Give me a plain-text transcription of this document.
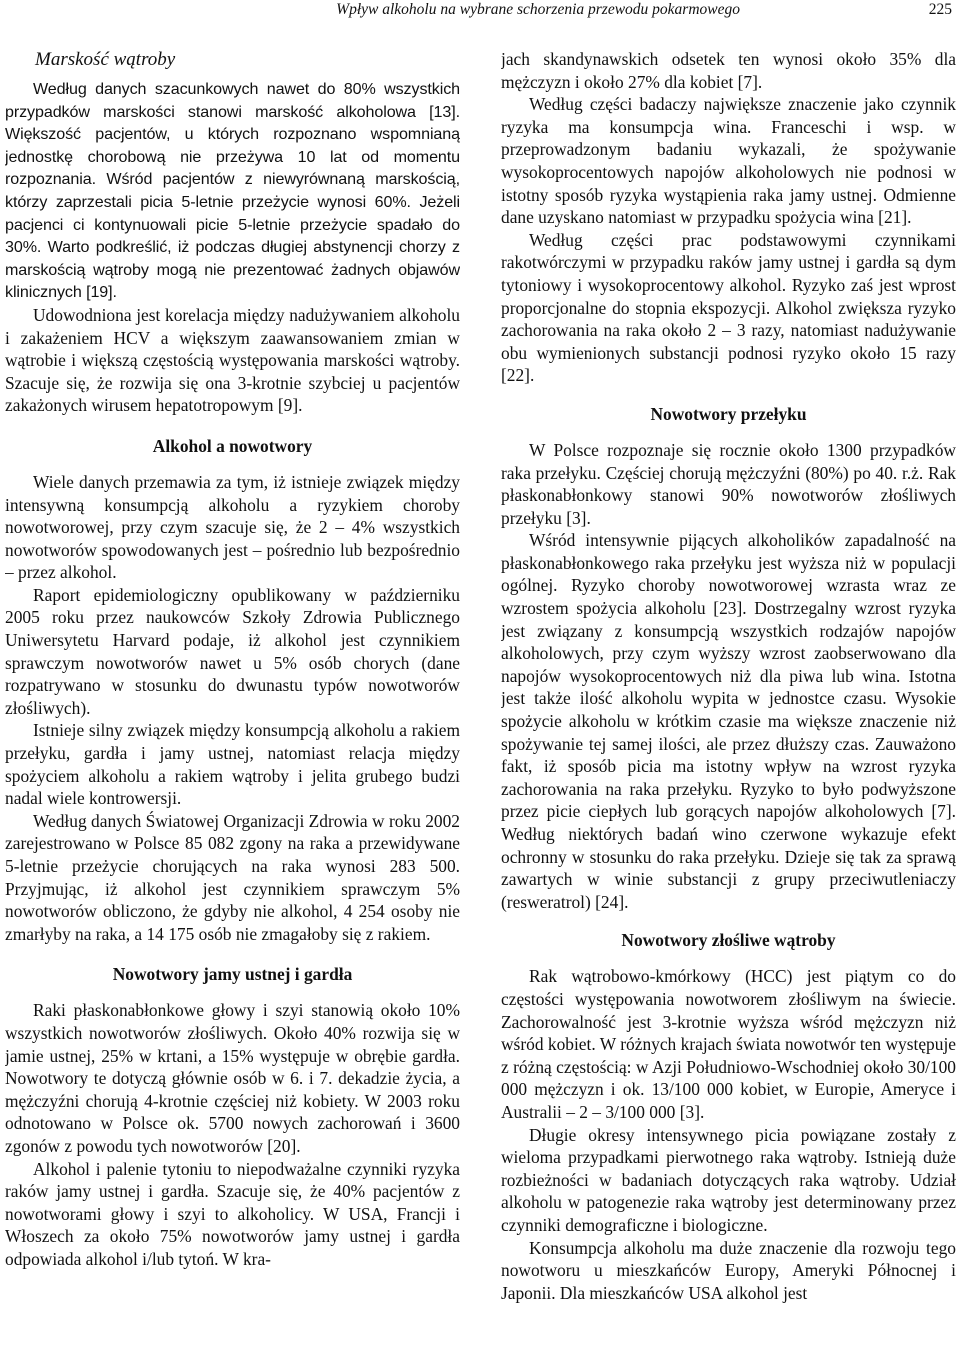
Wpływ alkoholu na wybrane schorzenia przewodu pokarmowego	225
Marskość wątroby

Według danych szacunkowych nawet do 80% wszystkich przypadków marskości stanowi marskość alkoholowa [13]. Większość pacjentów, u których rozpoznano wspomnianą jednostkę chorobową nie przeżywa 10 lat od momentu rozpoznania. Wśród pacjentów z niewyrównaną marskością, którzy zaprzestali picia 5-letnie przeżycie wynosi 60%. Jeżeli pacjenci ci kontynuowali picie 5-letnie przeżycie spadało do 30%. Warto podkreślić, iż podczas długiej abstynencji chorzy z marskością wątroby mogą nie prezentować żadnych objawów klinicznych [19].

Udowodniona jest korelacja między nadużywaniem alkoholu i zakażeniem HCV a większym zaawansowaniem zmian w wątrobie i większą częstością występowania marskości wątroby. Szacuje się, że rozwija się ona 3-krotnie szybciej u pacjentów zakażonych wirusem hepatotropowym [9].

Alkohol a nowotwory

Wiele danych przemawia za tym, iż istnieje związek między intensywną konsumpcją alkoholu a ryzykiem choroby nowotworowej, przy czym szacuje się, że 2 – 4% wszystkich nowotworów spowodowanych jest – pośrednio lub bezpośrednio – przez alkohol.

Raport epidemiologiczny opublikowany w październiku 2005 roku przez naukowców Szkoły Zdrowia Publicznego Uniwersytetu Harvard podaje, iż alkohol jest czynnikiem sprawczym nowotworów nawet u 5% osób chorych (dane rozpatrywano w stosunku do dwunastu typów nowotworów złośliwych).

Istnieje silny związek między konsumpcją alkoholu a rakiem przełyku, gardła i jamy ustnej, natomiast relacja między spożyciem alkoholu a rakiem wątroby i jelita grubego budzi nadal wiele kontrowersji.

Według danych Światowej Organizacji Zdrowia w roku 2002 zarejestrowano w Polsce 85 082 zgony na raka a przewidywane 5-letnie przeżycie chorujących na raka wynosi 283 500. Przyjmując, iż alkohol jest czynnikiem sprawczym 5% nowotworów obliczono, że gdyby nie alkohol, 4 254 osoby nie zmarłyby na raka, a 14 175 osób nie zmagałoby się z rakiem.

Nowotwory jamy ustnej i gardła

Raki płaskonabłonkowe głowy i szyi stanowią około 10% wszystkich nowotworów złośliwych. Około 40% rozwija się w jamie ustnej, 25% w krtani, a 15% występuje w obrębie gardła. Nowotwory te dotyczą głównie osób w 6. i 7. dekadzie życia, a mężczyźni chorują 4-krotnie częściej niż kobiety. W 2003 roku odnotowano w Polsce ok. 5700 nowych zachorowań i 3600 zgonów z powodu tych nowotworów [20].

Alkohol i palenie tytoniu to niepodważalne czynniki ryzyka raków jamy ustnej i gardła. Szacuje się, że 40% pacjentów z nowotworami głowy i szyi to alkoholicy. W USA, Francji i Włoszech za około 75% nowotworów jamy ustnej i gardła odpowiada alkohol i/lub tytoń. W kra-

jach skandynawskich odsetek ten wynosi około 35% dla mężczyzn i około 27% dla kobiet [7].

Według części badaczy największe znaczenie jako czynnik ryzyka ma konsumpcja wina. Franceschi i wsp. w przeprowadzonym badaniu wykazali, że spożywanie wysokoprocentowych napojów alkoholowych nie podnosi w istotny sposób ryzyka wystąpienia raka jamy ustnej. Odmienne dane uzyskano natomiast w przypadku spożycia wina [21].

Według części prac podstawowymi czynnikami rakotwórczymi w przypadku raków jamy ustnej i gardła są dym tytoniowy i wysokoprocentowy alkohol. Ryzyko zaś jest wprost proporcjonalne do stopnia ekspozycji. Alkohol zwiększa ryzyko zachorowania na raka około 2 – 3 razy, natomiast nadużywanie obu wymienionych substancji podnosi ryzyko około 15 razy [22].

Nowotwory przełyku

W Polsce rozpoznaje się rocznie około 1300 przypadków raka przełyku. Częściej chorują mężczyźni (80%) po 40. r.ż. Rak płaskonabłonkowy stanowi 90% nowotworów złośliwych przełyku [3].

Wśród intensywnie pijących alkoholików zapadalność na płaskonabłonkowego raka przełyku jest wyższa niż w populacji ogólnej. Ryzyko choroby nowotworowej wzrasta wraz ze wzrostem spożycia alkoholu [23]. Dostrzegalny wzrost ryzyka jest związany z konsumpcją wszystkich rodzajów napojów alkoholowych, przy czym wyższy wzrost zaobserwowano dla napojów wysokoprocentowych niż dla piwa lub wina. Istotna jest także ilość alkoholu wypita w jednostce czasu. Wysokie spożycie alkoholu w krótkim czasie ma większe znaczenie niż spożywanie tej samej ilości, ale przez dłuższy czas. Zauważono fakt, iż sposób picia ma istotny wpływ na wzrost ryzyka zachorowania na raka przełyku. Ryzyko to było podwyższone przez picie ciepłych lub gorących napojów alkoholowych [7]. Według niektórych badań wino czerwone wykazuje efekt ochronny w stosunku do raka przełyku. Dzieje się tak za sprawą zawartych w winie substancji z grupy przeciwutleniaczy (resweratrol) [24].

Nowotwory złośliwe wątroby

Rak wątrobowo-kmórkowy (HCC) jest piątym co do częstości występowania nowotworem złośliwym na świecie. Zachorowalność jest 3-krotnie wyższa wśród mężczyzn niż wśród kobiet. W różnych krajach świata nowotwór ten występuje z różną częstością: w Azji Południowo-Wschodniej około 30/100 000 mężczyzn i ok. 13/100 000 kobiet, w Europie, Ameryce i Australii – 2 – 3/100 000 [3].

Długie okresy intensywnego picia powiązane zostały z wieloma przypadkami pierwotnego raka wątroby. Istnieją duże rozbieżności w badaniach dotyczących raka wątroby. Udział alkoholu w patogenezie raka wątroby jest determinowany przez czynniki demograficzne i biologiczne.

Konsumpcja alkoholu ma duże znaczenie dla rozwoju tego nowotworu u mieszkańców Europy, Ameryki Północnej i Japonii. Dla mieszkańców USA alkohol jest
